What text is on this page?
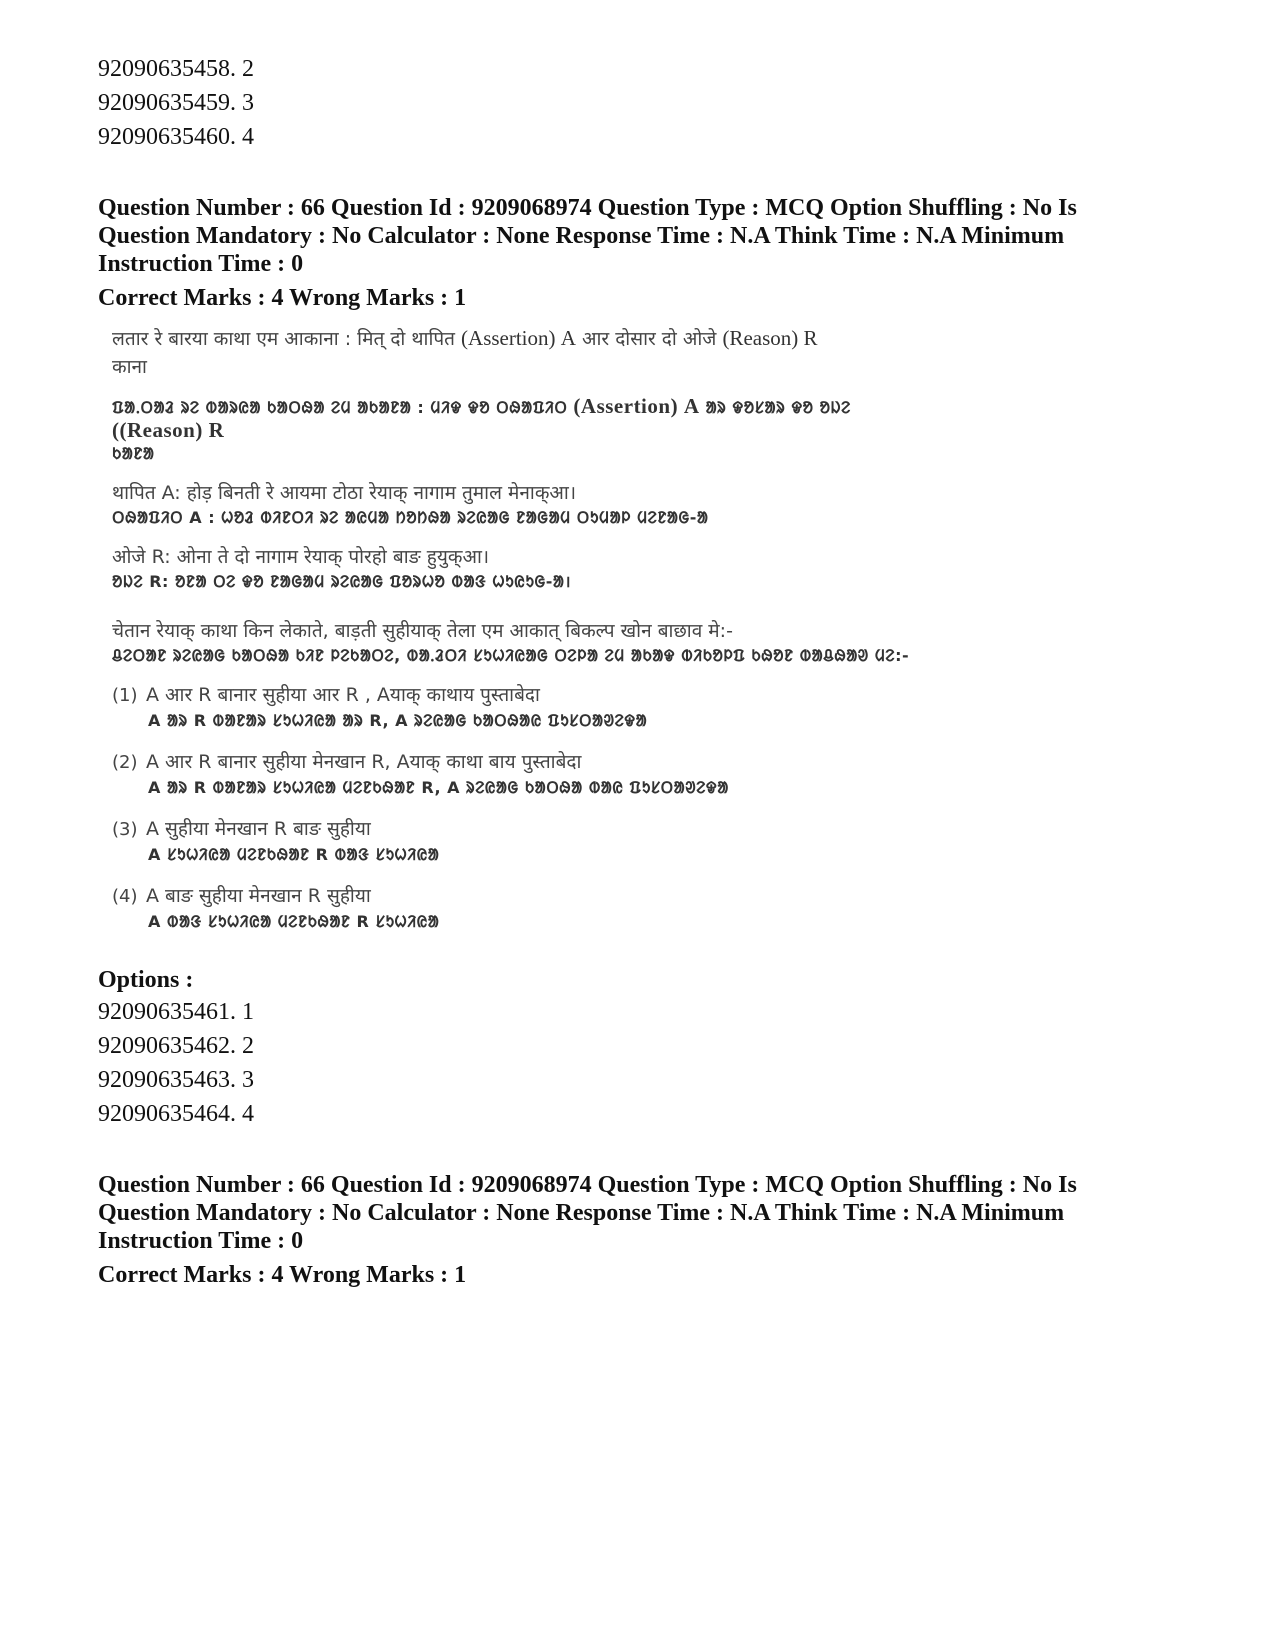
92090635458. 2
92090635459. 3
92090635460. 4
Question Number : 66 Question Id : 9209068974 Question Type : MCQ Option Shuffling : No Is
Question Mandatory : No Calculator : None Response Time : N.A Think Time : N.A Minimum
Instruction Time : 0
Correct Marks : 4 Wrong Marks : 1
लतार रे बारया काथा एम आकाना : मित् दो थापित (Assertion) A आर दोसार दो ओजे (Reason) R
काना
ᱯᱟᱹᱛᱟᱲ ᱨᱮ ᱵᱟᱨᱭᱟ ᱠᱟᱛᱷᱟ ᱮᱢ ᱟᱠᱟᱱᱟ : ᱢᱤᱫ ᱫᱚ ᱛᱷᱟᱯᱤᱛ (Assertion) A ᱟᱨ ᱫᱚᱥᱟᱨ ᱫᱚ ᱚᱡᱮ ((Reason) R
ᱠᱟᱱᱟ
थापित A: होड़ बिनती रे आयमा टोठा रेयाक् नागाम तुमाल मेनाक्आ।
ᱛᱷᱟᱯᱤᱛ A : ᱦᱚᱲ ᱵᱤᱱᱛᱤ ᱨᱮ ᱟᱭᱢᱟ ᱴᱚᱴᱷᱟ ᱨᱮᱭᱟᱜ ᱱᱟᱜᱟᱢ ᱛᱩᱢᱟᱞ ᱢᱮᱱᱟᱜ-ᱟ
ओजे R: ओना ते दो नागाम रेयाक् पोरहो बाङ हुयुक्आ।
ᱚᱡᱮ R: ᱚᱱᱟ ᱛᱮ ᱫᱚ ᱱᱟᱜᱟᱢ ᱨᱮᱭᱟᱜ ᱯᱚᱨᱦᱚ ᱵᱟᱝ ᱦᱩᱭᱩᱜ-ᱟ।
चेतान रेयाक् काथा किन लेकाते, बाड़ती सुहीयाक् तेला एम आकात् बिकल्प खोन बाछाव मे:-
ᱪᱮᱛᱟᱱ ᱨᱮᱭᱟᱜ ᱠᱟᱛᱷᱟ ᱠᱤᱱ ᱞᱮᱠᱟᱛᱮ, ᱵᱟᱹᱲᱛᱤ ᱥᱩᱦᱤᱭᱟᱜ ᱛᱮᱞᱟ ᱮᱢ ᱟᱠᱟᱫ ᱵᱤᱠᱚᱞᱯ ᱠᱷᱚᱱ ᱵᱟᱪᱷᱟᱣ ᱢᱮ:-
(1) A आर R बानार सुहीया आर R , Aयाक् काथाय पुस्ताबेदा
A ᱟᱨ R ᱵᱟᱱᱟᱨ ᱥᱩᱦᱤᱭᱟ ᱟᱨ R, A ᱨᱮᱭᱟᱜ ᱠᱟᱛᱷᱟᱭ ᱯᱩᱥᱛᱟᱣᱮᱫᱟ
(2) A आर R बानार सुहीया मेनखान R, Aयाक् काथा बाय पुस्ताबेदा
A ᱟᱨ R ᱵᱟᱱᱟᱨ ᱥᱩᱦᱤᱭᱟ ᱢᱮᱱᱠᱷᱟᱱ R, A ᱨᱮᱭᱟᱜ ᱠᱟᱛᱷᱟ ᱵᱟᱭ ᱯᱩᱥᱛᱟᱣᱮᱫᱟ
(3) A सुहीया मेनखान R बाङ सुहीया
A ᱥᱩᱦᱤᱭᱟ ᱢᱮᱱᱠᱷᱟᱱ R ᱵᱟᱝ ᱥᱩᱦᱤᱭᱟ
(4) A बाङ सुहीया मेनखान R सुहीया
A ᱵᱟᱝ ᱥᱩᱦᱤᱭᱟ ᱢᱮᱱᱠᱷᱟᱱ R ᱥᱩᱦᱤᱭᱟ
Options :
92090635461. 1
92090635462. 2
92090635463. 3
92090635464. 4
Question Number : 66 Question Id : 9209068974 Question Type : MCQ Option Shuffling : No Is
Question Mandatory : No Calculator : None Response Time : N.A Think Time : N.A Minimum
Instruction Time : 0
Correct Marks : 4 Wrong Marks : 1
